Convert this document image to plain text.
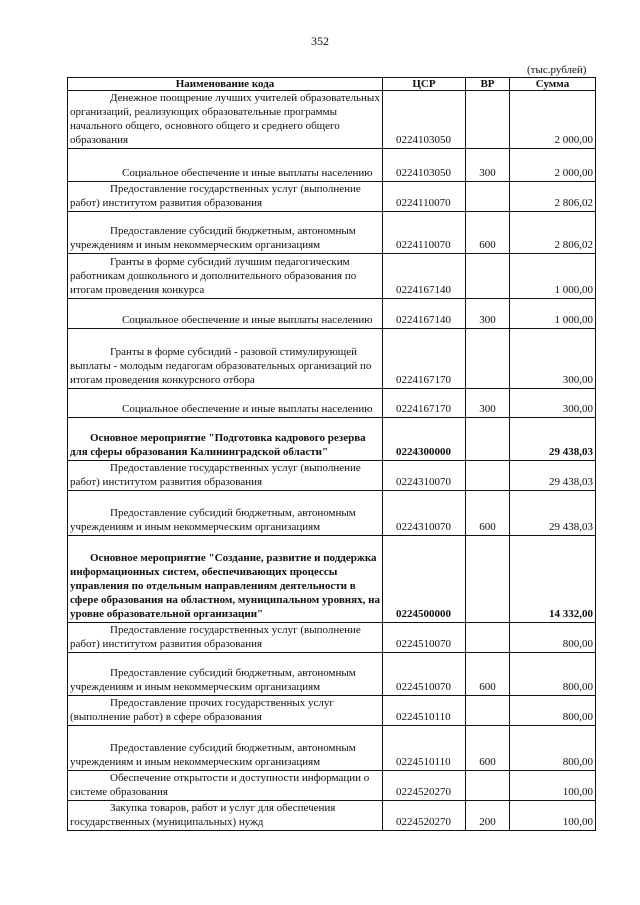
352
(тыс.рублей)
Наименование кода	ЦСР	ВР	Сумма
Денежное поощрение лучших учителей образовательных организаций, реализующих образовательные программы начального общего, основного общего и среднего общего образования	0224103050		2 000,00
Социальное обеспечение и иные выплаты населению	0224103050	300	2 000,00
Предоставление государственных услуг (выполнение работ) институтом развития образования	0224110070		2 806,02
Предоставление субсидий бюджетным, автономным учреждениям и иным некоммерческим организациям	0224110070	600	2 806,02
Гранты в форме субсидий лучшим педагогическим работникам дошкольного и дополнительного образования по итогам проведения конкурса	0224167140		1 000,00
Социальное обеспечение и иные выплаты населению	0224167140	300	1 000,00
Гранты в форме субсидий - разовой стимулирующей выплаты - молодым педагогам образовательных организаций по итогам проведения конкурсного отбора	0224167170		300,00
Социальное обеспечение и иные выплаты населению	0224167170	300	300,00
Основное мероприятие "Подготовка кадрового резерва для сферы образования Калининградской области"	0224300000		29 438,03
Предоставление государственных услуг (выполнение работ) институтом развития образования	0224310070		29 438,03
Предоставление субсидий бюджетным, автономным учреждениям и иным некоммерческим организациям	0224310070	600	29 438,03
Основное мероприятие "Создание, развитие и поддержка информационных систем, обеспечивающих процессы управления по отдельным направлениям деятельности в сфере образования на областном, муниципальном уровнях, на уровне образовательной организации"	0224500000		14 332,00
Предоставление государственных услуг (выполнение работ) институтом развития образования	0224510070		800,00
Предоставление субсидий бюджетным, автономным учреждениям и иным некоммерческим организациям	0224510070	600	800,00
Предоставление прочих государственных услуг (выполнение работ) в сфере образования	0224510110		800,00
Предоставление субсидий бюджетным, автономным учреждениям и иным некоммерческим организациям	0224510110	600	800,00
Обеспечение открытости и доступности информации о системе образования	0224520270		100,00
Закупка товаров, работ и услуг для обеспечения государственных (муниципальных) нужд	0224520270	200	100,00
